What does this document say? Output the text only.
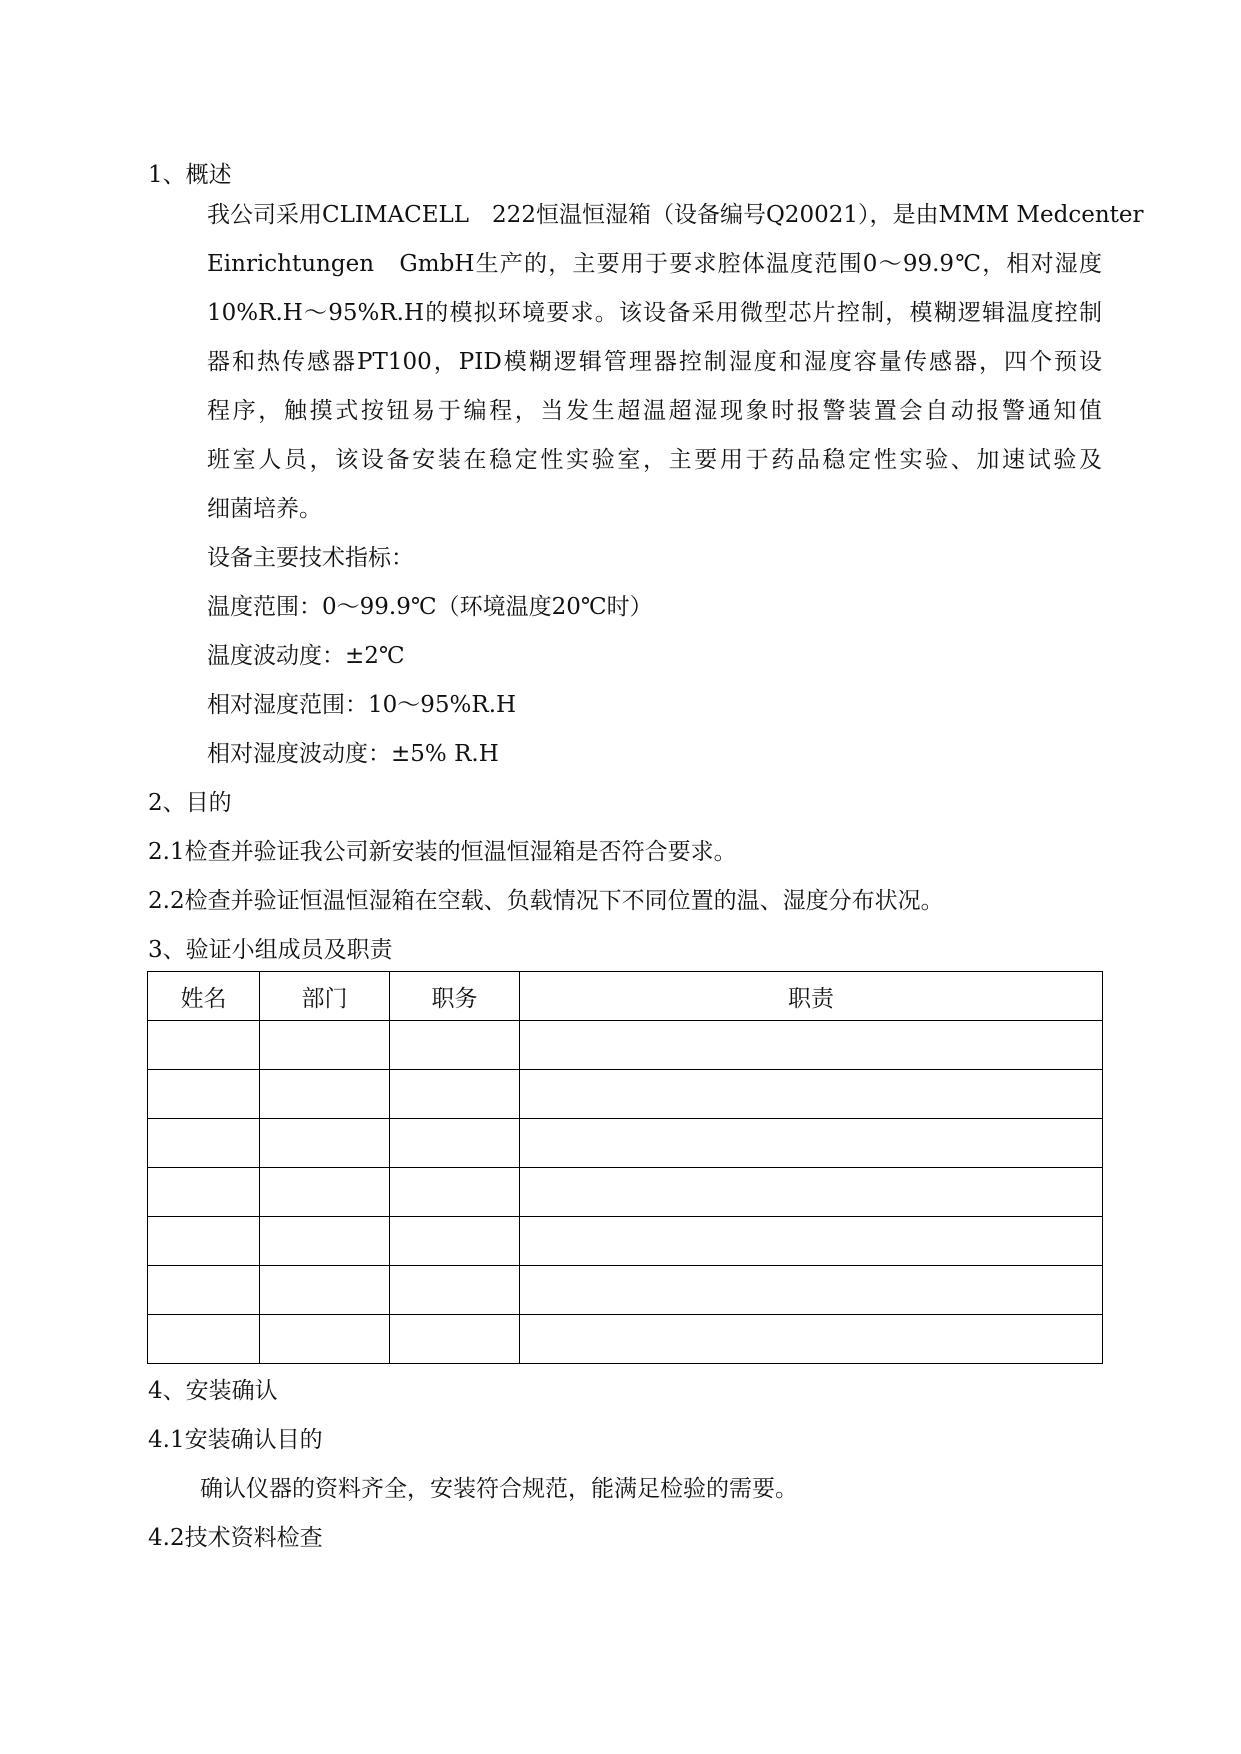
1、概述
我公司采用CLIMACELL　222恒温恒湿箱（设备编号Q20021），是由MMM Medcenter
Einrichtungen　GmbH生产的，主要用于要求腔体温度范围0～99.9℃，相对湿度
10%R.H～95%R.H的模拟环境要求。该设备采用微型芯片控制，模糊逻辑温度控制
器和热传感器PT100，PID模糊逻辑管理器控制湿度和湿度容量传感器，四个预设
程序，触摸式按钮易于编程，当发生超温超湿现象时报警装置会自动报警通知值
班室人员，该设备安装在稳定性实验室，主要用于药品稳定性实验、加速试验及
细菌培养。
设备主要技术指标：
温度范围：0～99.9℃（环境温度20℃时）
温度波动度：±2℃
相对湿度范围：10～95%R.H
相对湿度波动度：±5% R.H
2、目的
2.1检查并验证我公司新安装的恒温恒湿箱是否符合要求。
2.2检查并验证恒温恒湿箱在空载、负载情况下不同位置的温、湿度分布状况。
3、验证小组成员及职责
姓名	部门	职务	职责

4、安装确认
4.1安装确认目的
确认仪器的资料齐全，安装符合规范，能满足检验的需要。
4.2技术资料检查
